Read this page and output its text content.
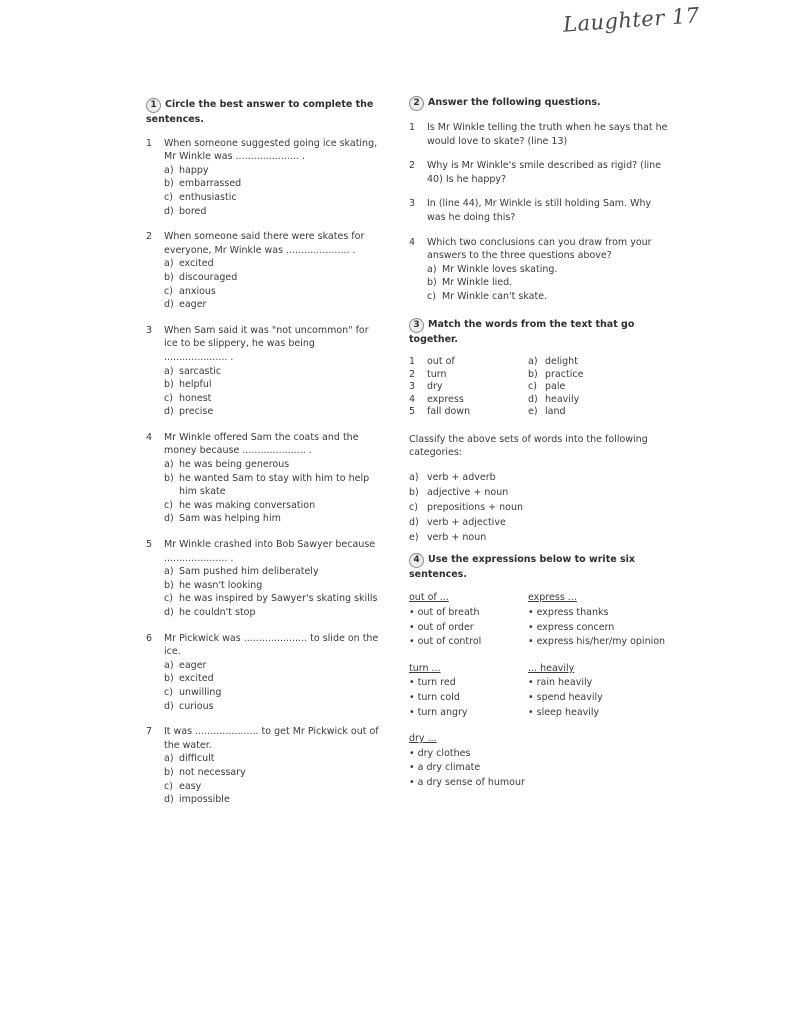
Laughter 17
1 Circle the best answer to complete the sentences.
1	When someone suggested going ice skating, Mr Winkle was ..................... .
a) happy
b) embarrassed
c) enthusiastic
d) bored
2	When someone said there were skates for everyone, Mr Winkle was ..................... .
a) excited
b) discouraged
c) anxious
d) eager
3	When Sam said it was "not uncommon" for ice to be slippery, he was being ..................... .
a) sarcastic
b) helpful
c) honest
d) precise
4	Mr Winkle offered Sam the coats and the money because ..................... .
a) he was being generous
b) he wanted Sam to stay with him to help him skate
c) he was making conversation
d) Sam was helping him
5	Mr Winkle crashed into Bob Sawyer because ..................... .
a) Sam pushed him deliberately
b) he wasn't looking
c) he was inspired by Sawyer's skating skills
d) he couldn't stop
6	Mr Pickwick was ..................... to slide on the ice.
a) eager
b) excited
c) unwilling
d) curious
7	It was ..................... to get Mr Pickwick out of the water.
a) difficult
b) not necessary
c) easy
d) impossible
2 Answer the following questions.
1	Is Mr Winkle telling the truth when he says that he would love to skate? (line 13)
2	Why is Mr Winkle's smile described as rigid? (line 40) Is he happy?
3	In (line 44), Mr Winkle is still holding Sam. Why was he doing this?
4	Which two conclusions can you draw from your answers to the three questions above?
a) Mr Winkle loves skating.
b) Mr Winkle lied.
c) Mr Winkle can't skate.
3 Match the words from the text that go together.
1	out of	a) delight
2	turn	b) practice
3	dry	c) pale
4	express	d) heavily
5	fall down	e) land
Classify the above sets of words into the following categories:
a) verb + adverb
b) adjective + noun
c) prepositions + noun
d) verb + adjective
e) verb + noun
4 Use the expressions below to write six sentences.
out of ...
• out of breath
• out of order
• out of control
express ...
• express thanks
• express concern
• express his/her/my opinion
turn ...
• turn red
• turn cold
• turn angry
... heavily
• rain heavily
• spend heavily
• sleep heavily
dry ...
• dry clothes
• a dry climate
• a dry sense of humour
